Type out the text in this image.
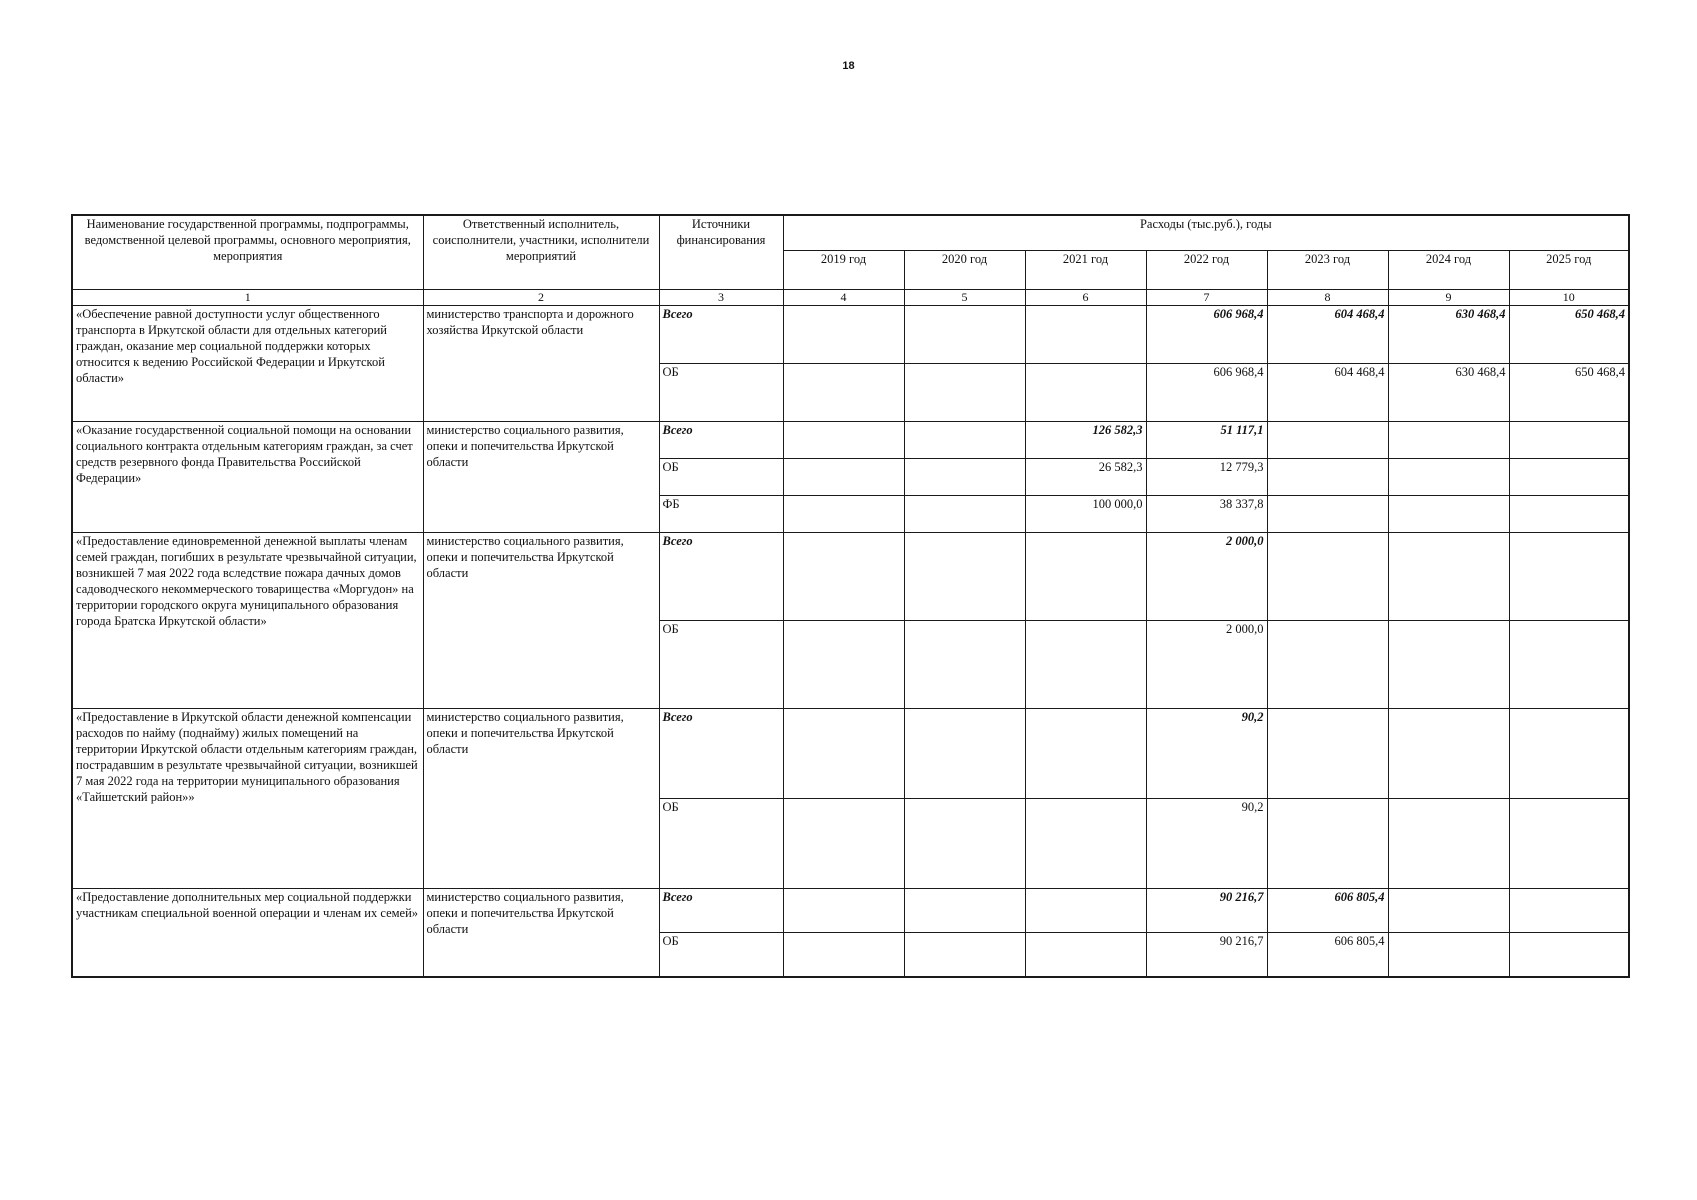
18
Наименование государственной программы, подпрограммы, ведомственной целевой программы, основного мероприятия, мероприятия	Ответственный исполнитель, соисполнители, участники, исполнители мероприятий	Источники финансирования	Расходы (тыс.руб.), годы						
			2019 год	2020 год	2021 год	2022 год	2023 год	2024 год	2025 год
1	2	3	4	5	6	7	8	9	10
«Обеспечение равной доступности услуг общественного транспорта в Иркутской области для отдельных категорий граждан, оказание мер социальной поддержки которых относится к ведению Российской Федерации и Иркутской области»	министерство транспорта и дорожного хозяйства Иркутской области	Всего				606 968,4	604 468,4	630 468,4	650 468,4
		ОБ				606 968,4	604 468,4	630 468,4	650 468,4
«Оказание государственной социальной помощи на основании социального контракта отдельным категориям граждан, за счет средств резервного фонда Правительства Российской Федерации»	министерство социального развития, опеки и попечительства Иркутской области	Всего			126 582,3	51 117,1			
		ОБ			26 582,3	12 779,3			
		ФБ			100 000,0	38 337,8			
«Предоставление единовременной денежной выплаты членам семей граждан, погибших в результате чрезвычайной ситуации, возникшей 7 мая 2022 года вследствие пожара дачных домов садоводческого некоммерческого товарищества «Моргудон» на территории городского округа муниципального образования города Братска Иркутской области»	министерство социального развития, опеки и попечительства Иркутской области	Всего				2 000,0			
		ОБ				2 000,0			
«Предоставление в Иркутской области денежной компенсации расходов по найму (поднайму) жилых помещений на территории Иркутской области отдельным категориям граждан, пострадавшим в результате чрезвычайной ситуации, возникшей 7 мая 2022 года на территории муниципального образования «Тайшетский район»»	министерство социального развития, опеки и попечительства Иркутской области	Всего				90,2			
		ОБ				90,2			
«Предоставление дополнительных мер социальной поддержки участникам специальной военной операции и членам их семей»	министерство социального развития, опеки и попечительства Иркутской области	Всего				90 216,7	606 805,4		
		ОБ				90 216,7	606 805,4		
